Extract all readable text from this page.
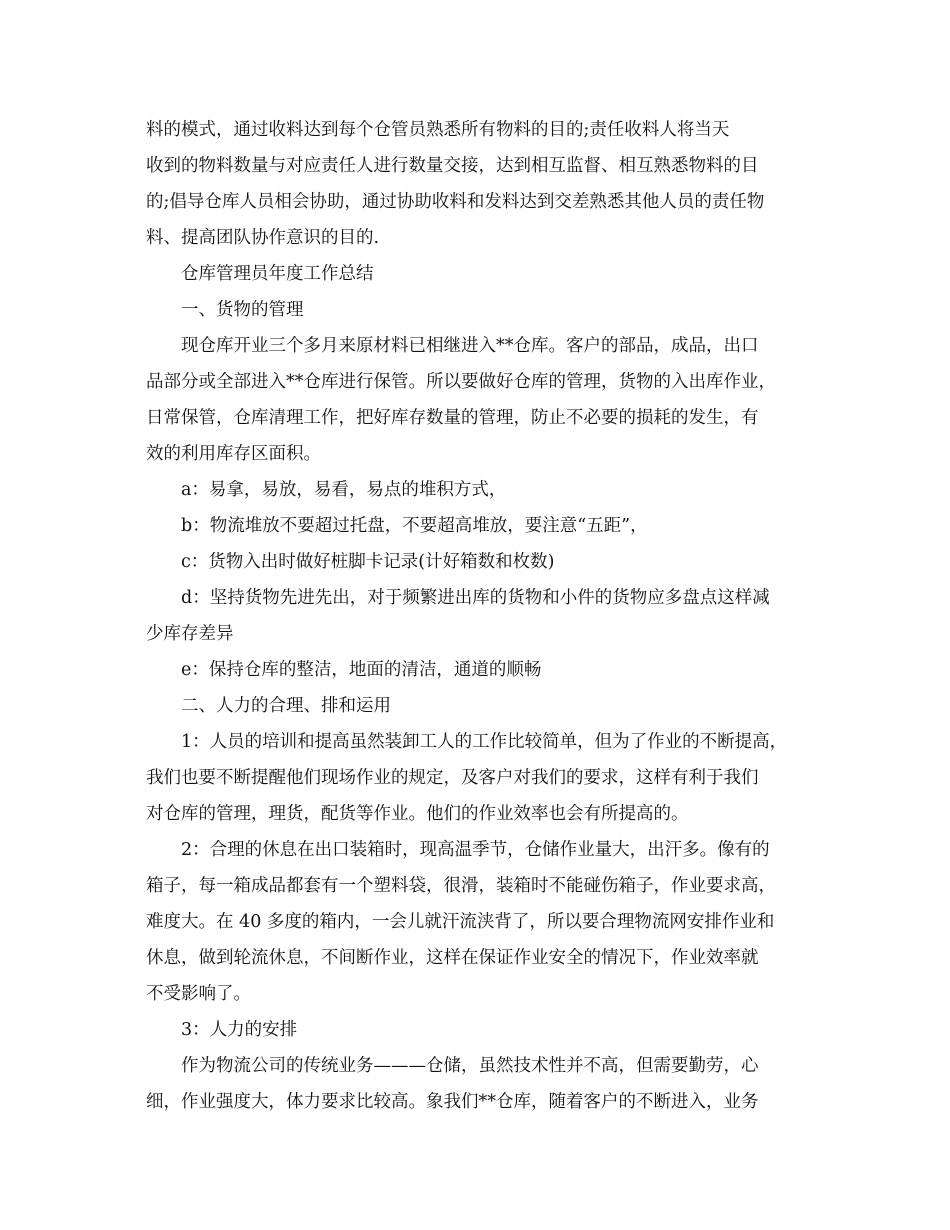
料的模式，通过收料达到每个仓管员熟悉所有物料的目的;责任收料人将当天
收到的物料数量与对应责任人进行数量交接，达到相互监督、相互熟悉物料的目
的;倡导仓库人员相会协助，通过协助收料和发料达到交差熟悉其他人员的责任物
料、提高团队协作意识的目的.
仓库管理员年度工作总结
一、货物的管理
现仓库开业三个多月来原材料已相继进入**仓库。客户的部品，成品，出口
品部分或全部进入**仓库进行保管。所以要做好仓库的管理，货物的入出库作业，
日常保管，仓库清理工作，把好库存数量的管理，防止不必要的损耗的发生，有
效的利用库存区面积。
a：易拿，易放，易看，易点的堆积方式，
b：物流堆放不要超过托盘，不要超高堆放，要注意“五距”，
c：货物入出时做好桩脚卡记录(计好箱数和枚数)
d：坚持货物先进先出，对于频繁进出库的货物和小件的货物应多盘点这样减
少库存差异
e：保持仓库的整洁，地面的清洁，通道的顺畅
二、人力的合理、排和运用
1：人员的培训和提高虽然装卸工人的工作比较简单，但为了作业的不断提高，
我们也要不断提醒他们现场作业的规定，及客户对我们的要求，这样有利于我们
对仓库的管理，理货，配货等作业。他们的作业效率也会有所提高的。
2：合理的休息在出口装箱时，现高温季节，仓储作业量大，出汗多。像有的
箱子，每一箱成品都套有一个塑料袋，很滑，装箱时不能碰伤箱子，作业要求高，
难度大。在 40 多度的箱内，一会儿就汗流浃背了，所以要合理物流网安排作业和
休息，做到轮流休息，不间断作业，这样在保证作业安全的情况下，作业效率就
不受影响了。
3：人力的安排
作为物流公司的传统业务———仓储，虽然技术性并不高，但需要勤劳，心
细，作业强度大，体力要求比较高。象我们**仓库，随着客户的不断进入，业务
